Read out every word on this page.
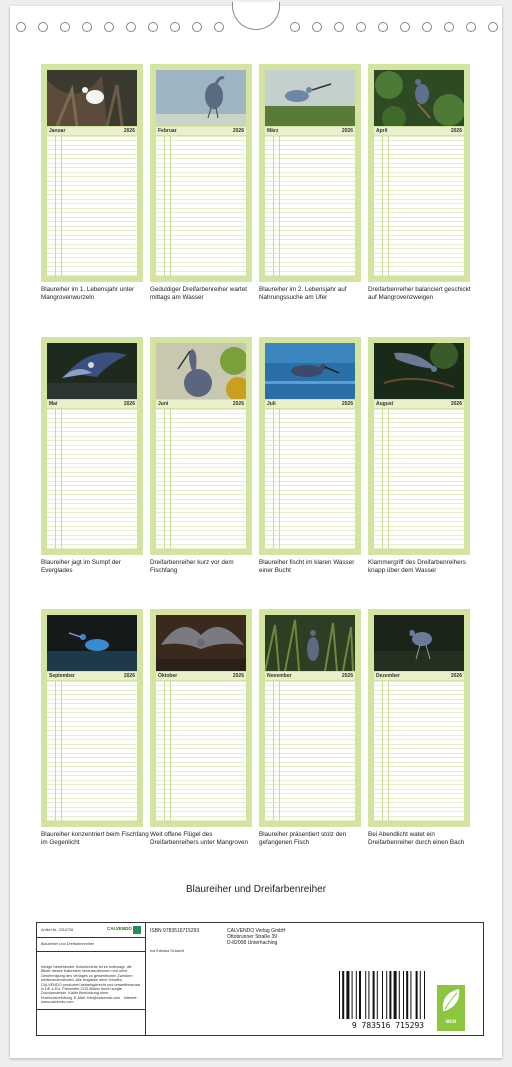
Januar	2026	Februar	2026	März	2026	April	2026
Mai	2026	Juni	2026	Juli	2026	August	2026
September	2026	Oktober	2026	November	2026	Dezember	2026
Blaureiher im 1. Lebensjahr unter Mangrovenwurzeln
Geduldiger Dreifarbenreiher wartet mittags am Wasser
Blaureiher im 2. Lebensjahr auf Nahrungssuche am Ufer
Dreifarbenreiher balanciert geschickt auf Mangrovenzweigen
Blaureiher jagt im Sumpf der Everglades
Dreifarbenreiher kurz vor dem Fischfang
Blaureiher fischt im klaren Wasser einer Bucht
Klammergriff des Dreifarbenreihers knapp über dem Wasser
Blaureiher konzentriert beim Fischfang im Gegenlicht
Weit offene Flügel des Dreifarbenreihers unter Mangroven
Blaureiher präsentiert stolz den gefangenen Fisch
Bei Abendlicht watet ein Dreifarbenreiher durch einen Bach
Blaureiher und Dreifarbenreiher
Artikel Nr. 2316726	CALVENDO
Blaureiher und Dreifarbenreiher
Infolge bestehender Schutzrechte ist es untersagt, die Bilder dieses Kalenders herauszutrennen und ohne Genehmigung des Verlages zu gewerblichen Zwecken weiterzuverwenden. Alle Angaben ohne Gewähr. CALVENDO produziert bedarfsgerecht und umweltbewusst in DE & EU. Preisnetto CO2-Bilanz durch sorgte Druckprozesse. Kalibr.Bestückung ohne Eizelnutzbefüllung. E-Mail: info@calvendo.com · Internet: www.calvendo.com
ISBN 9783516715293
Ina Edhaka Schacht
CALVENDO Verlag GmbH
Ottobrunner Straße 39
D-82008 Unterhaching
9 783516 715293	eco
